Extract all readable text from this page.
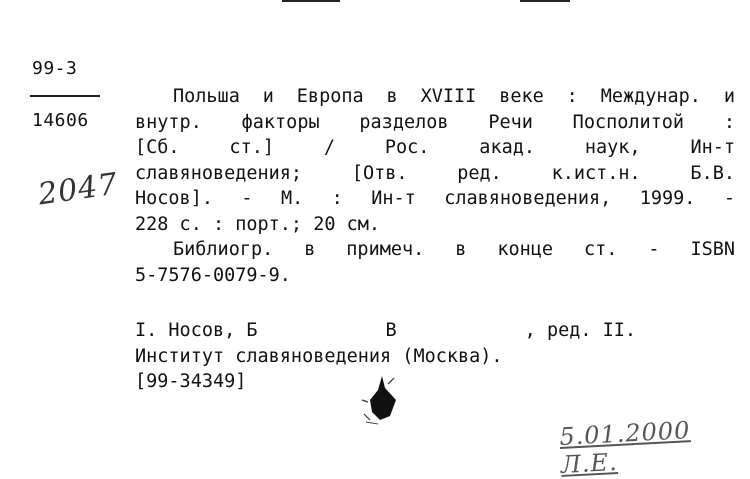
99-3
14606
2047
Польша и Европа в XVIII веке : Междунар. и
внутр. факторы разделов Речи Посполитой :
[Сб. ст.] / Рос. акад. наук, Ин-т
славяноведения; [Отв. ред. к.ист.н. Б.В.
Носов]. - М. : Ин-т славяноведения, 1999. -
228 с. : порт.; 20 см.
Библиогр. в примеч. в конце ст. - ISBN
5-7576-0079-9.
I. Носов, Б	В	, ред. II.
Институт славяноведения (Москва).
[99-34349]
5.01.2000 Л.Е.
